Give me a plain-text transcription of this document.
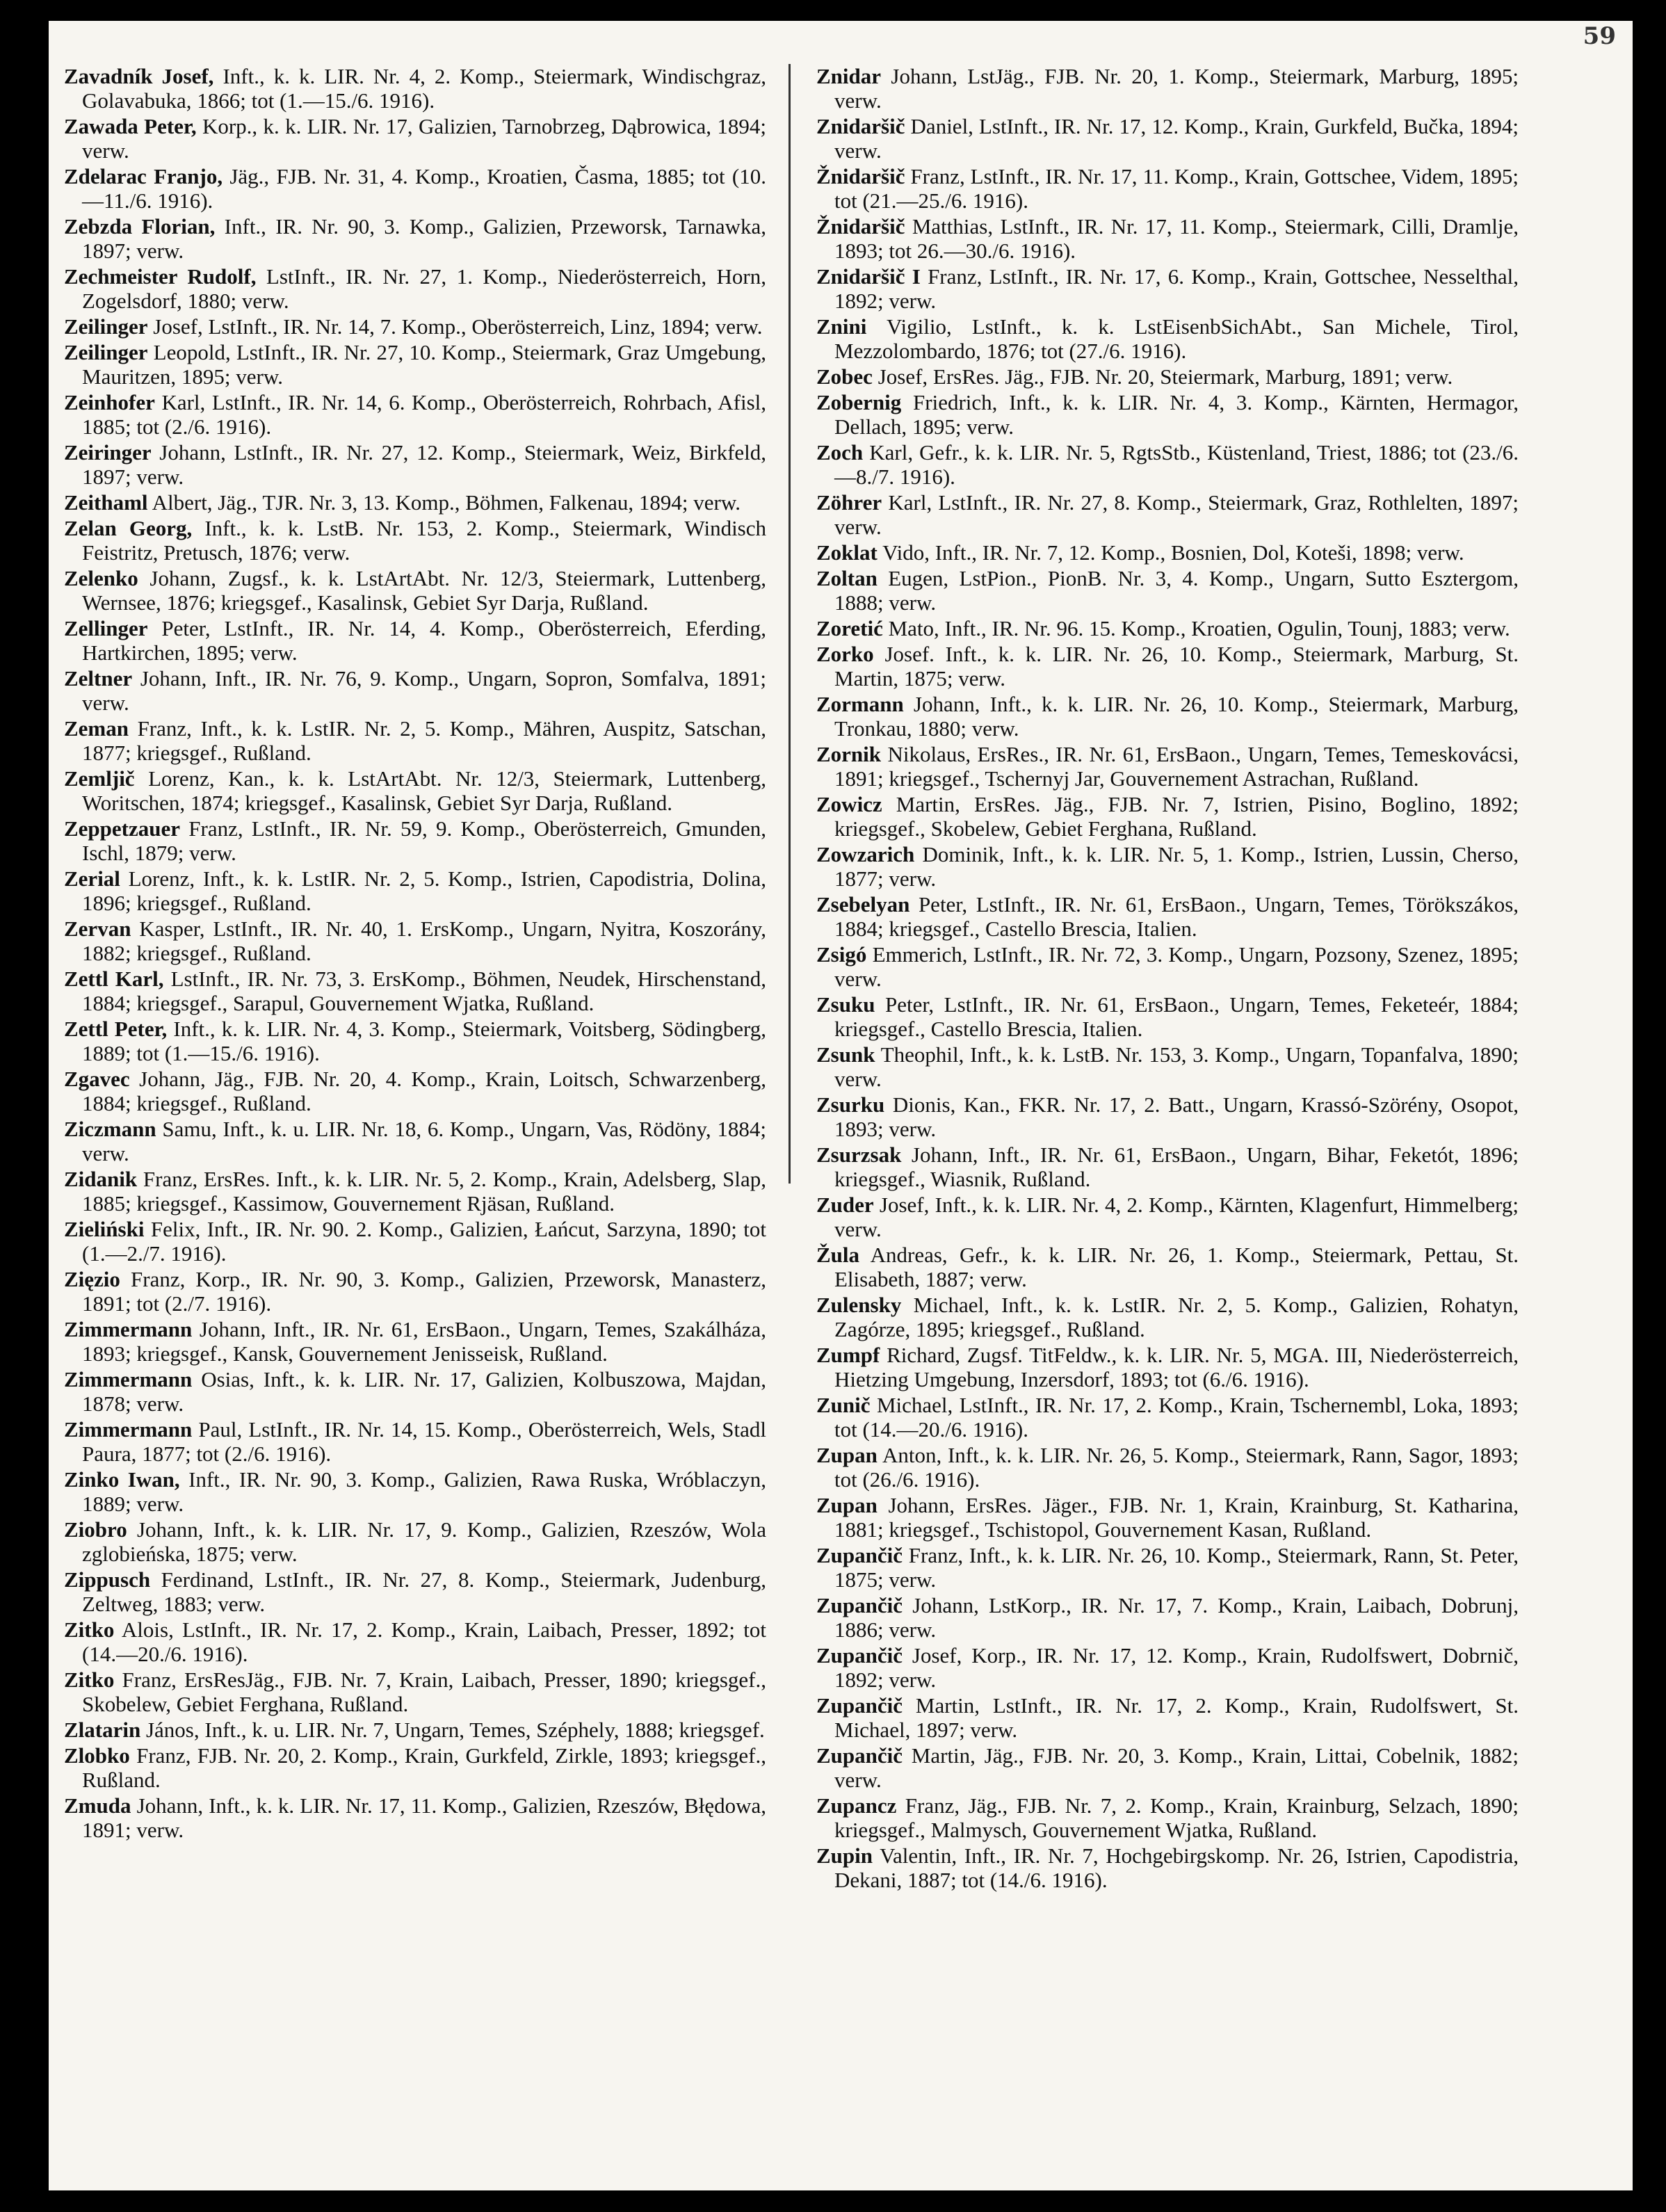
59

Zavadník Josef, Inft., k. k. LIR. Nr. 4, 2. Komp., Steiermark, Windischgraz, Golavabuka, 1866; tot (1.—15./6. 1916).

Zawada Peter, Korp., k. k. LIR. Nr. 17, Galizien, Tarnobrzeg, Dąbrowica, 1894; verw.

Zdelarac Franjo, Jäg., FJB. Nr. 31, 4. Komp., Kroatien, Časma, 1885; tot (10.—11./6. 1916).

Zebzda Florian, Inft., IR. Nr. 90, 3. Komp., Galizien, Przeworsk, Tarnawka, 1897; verw.

Zechmeister Rudolf, LstInft., IR. Nr. 27, 1. Komp., Niederösterreich, Horn, Zogelsdorf, 1880; verw.

Zeilinger Josef, LstInft., IR. Nr. 14, 7. Komp., Oberösterreich, Linz, 1894; verw.

Zeilinger Leopold, LstInft., IR. Nr. 27, 10. Komp., Steiermark, Graz Umgebung, Mauritzen, 1895; verw.

Zeinhofer Karl, LstInft., IR. Nr. 14, 6. Komp., Oberösterreich, Rohrbach, Afisl, 1885; tot (2./6. 1916).

Zeiringer Johann, LstInft., IR. Nr. 27, 12. Komp., Steiermark, Weiz, Birkfeld, 1897; verw.

Zeithaml Albert, Jäg., TJR. Nr. 3, 13. Komp., Böhmen, Falkenau, 1894; verw.

Zelan Georg, Inft., k. k. LstB. Nr. 153, 2. Komp., Steiermark, Windisch Feistritz, Pretusch, 1876; verw.

Zelenko Johann, Zugsf., k. k. LstArtAbt. Nr. 12/3, Steiermark, Luttenberg, Wernsee, 1876; kriegsgef., Kasalinsk, Gebiet Syr Darja, Rußland.

Zellinger Peter, LstInft., IR. Nr. 14, 4. Komp., Oberösterreich, Eferding, Hartkirchen, 1895; verw.

Zeltner Johann, Inft., IR. Nr. 76, 9. Komp., Ungarn, Sopron, Somfalva, 1891; verw.

Zeman Franz, Inft., k. k. LstIR. Nr. 2, 5. Komp., Mähren, Auspitz, Satschan, 1877; kriegsgef., Rußland.

Zemljič Lorenz, Kan., k. k. LstArtAbt. Nr. 12/3, Steiermark, Luttenberg, Woritschen, 1874; kriegsgef., Kasalinsk, Gebiet Syr Darja, Rußland.

Zeppetzauer Franz, LstInft., IR. Nr. 59, 9. Komp., Oberösterreich, Gmunden, Ischl, 1879; verw.

Zerial Lorenz, Inft., k. k. LstIR. Nr. 2, 5. Komp., Istrien, Capodistria, Dolina, 1896; kriegsgef., Rußland.

Zervan Kasper, LstInft., IR. Nr. 40, 1. ErsKomp., Ungarn, Nyitra, Koszorány, 1882; kriegsgef., Rußland.

Zettl Karl, LstInft., IR. Nr. 73, 3. ErsKomp., Böhmen, Neudek, Hirschenstand, 1884; kriegsgef., Sarapul, Gouvernement Wjatka, Rußland.

Zettl Peter, Inft., k. k. LIR. Nr. 4, 3. Komp., Steiermark, Voitsberg, Södingberg, 1889; tot (1.—15./6. 1916).

Zgavec Johann, Jäg., FJB. Nr. 20, 4. Komp., Krain, Loitsch, Schwarzenberg, 1884; kriegsgef., Rußland.

Ziczmann Samu, Inft., k. u. LIR. Nr. 18, 6. Komp., Ungarn, Vas, Rödöny, 1884; verw.

Zidanik Franz, ErsRes. Inft., k. k. LIR. Nr. 5, 2. Komp., Krain, Adelsberg, Slap, 1885; kriegsgef., Kassimow, Gouvernement Rjäsan, Rußland.

Zieliński Felix, Inft., IR. Nr. 90. 2. Komp., Galizien, Łańcut, Sarzyna, 1890; tot (1.—2./7. 1916).

Zięzio Franz, Korp., IR. Nr. 90, 3. Komp., Galizien, Przeworsk, Manasterz, 1891; tot (2./7. 1916).

Zimmermann Johann, Inft., IR. Nr. 61, ErsBaon., Ungarn, Temes, Szakálháza, 1893; kriegsgef., Kansk, Gouvernement Jenisseisk, Rußland.

Zimmermann Osias, Inft., k. k. LIR. Nr. 17, Galizien, Kolbuszowa, Majdan, 1878; verw.

Zimmermann Paul, LstInft., IR. Nr. 14, 15. Komp., Oberösterreich, Wels, Stadl Paura, 1877; tot (2./6. 1916).

Zinko Iwan, Inft., IR. Nr. 90, 3. Komp., Galizien, Rawa Ruska, Wróblaczyn, 1889; verw.

Ziobro Johann, Inft., k. k. LIR. Nr. 17, 9. Komp., Galizien, Rzeszów, Wola zglobieńska, 1875; verw.

Zippusch Ferdinand, LstInft., IR. Nr. 27, 8. Komp., Steiermark, Judenburg, Zeltweg, 1883; verw.

Zitko Alois, LstInft., IR. Nr. 17, 2. Komp., Krain, Laibach, Presser, 1892; tot (14.—20./6. 1916).

Zitko Franz, ErsResJäg., FJB. Nr. 7, Krain, Laibach, Presser, 1890; kriegsgef., Skobelew, Gebiet Ferghana, Rußland.

Zlatarin János, Inft., k. u. LIR. Nr. 7, Ungarn, Temes, Széphely, 1888; kriegsgef.

Zlobko Franz, FJB. Nr. 20, 2. Komp., Krain, Gurkfeld, Zirkle, 1893; kriegsgef., Rußland.

Zmuda Johann, Inft., k. k. LIR. Nr. 17, 11. Komp., Galizien, Rzeszów, Błędowa, 1891; verw.

Znidar Johann, LstJäg., FJB. Nr. 20, 1. Komp., Steiermark, Marburg, 1895; verw.

Znidaršič Daniel, LstInft., IR. Nr. 17, 12. Komp., Krain, Gurkfeld, Bučka, 1894; verw.

Žnidaršič Franz, LstInft., IR. Nr. 17, 11. Komp., Krain, Gottschee, Videm, 1895; tot (21.—25./6. 1916).

Žnidaršič Matthias, LstInft., IR. Nr. 17, 11. Komp., Steiermark, Cilli, Dramlje, 1893; tot 26.—30./6. 1916).

Znidaršič I Franz, LstInft., IR. Nr. 17, 6. Komp., Krain, Gottschee, Nesselthal, 1892; verw.

Znini Vigilio, LstInft., k. k. LstEisenbSichAbt., San Michele, Tirol, Mezzolombardo, 1876; tot (27./6. 1916).

Zobec Josef, ErsRes. Jäg., FJB. Nr. 20, Steiermark, Marburg, 1891; verw.

Zobernig Friedrich, Inft., k. k. LIR. Nr. 4, 3. Komp., Kärnten, Hermagor, Dellach, 1895; verw.

Zoch Karl, Gefr., k. k. LIR. Nr. 5, RgtsStb., Küstenland, Triest, 1886; tot (23./6.—8./7. 1916).

Zöhrer Karl, LstInft., IR. Nr. 27, 8. Komp., Steiermark, Graz, Rothlelten, 1897; verw.

Zoklat Vido, Inft., IR. Nr. 7, 12. Komp., Bosnien, Dol, Koteši, 1898; verw.

Zoltan Eugen, LstPion., PionB. Nr. 3, 4. Komp., Ungarn, Sutto Esztergom, 1888; verw.

Zoretić Mato, Inft., IR. Nr. 96. 15. Komp., Kroatien, Ogulin, Tounj, 1883; verw.

Zorko Josef. Inft., k. k. LIR. Nr. 26, 10. Komp., Steiermark, Marburg, St. Martin, 1875; verw.

Zormann Johann, Inft., k. k. LIR. Nr. 26, 10. Komp., Steiermark, Marburg, Tronkau, 1880; verw.

Zornik Nikolaus, ErsRes., IR. Nr. 61, ErsBaon., Ungarn, Temes, Temeskovácsi, 1891; kriegsgef., Tschernyj Jar, Gouvernement Astrachan, Rußland.

Zowicz Martin, ErsRes. Jäg., FJB. Nr. 7, Istrien, Pisino, Boglino, 1892; kriegsgef., Skobelew, Gebiet Ferghana, Rußland.

Zowzarich Dominik, Inft., k. k. LIR. Nr. 5, 1. Komp., Istrien, Lussin, Cherso, 1877; verw.

Zsebelyan Peter, LstInft., IR. Nr. 61, ErsBaon., Ungarn, Temes, Törökszákos, 1884; kriegsgef., Castello Brescia, Italien.

Zsigó Emmerich, LstInft., IR. Nr. 72, 3. Komp., Ungarn, Pozsony, Szenez, 1895; verw.

Zsuku Peter, LstInft., IR. Nr. 61, ErsBaon., Ungarn, Temes, Feketeér, 1884; kriegsgef., Castello Brescia, Italien.

Zsunk Theophil, Inft., k. k. LstB. Nr. 153, 3. Komp., Ungarn, Topanfalva, 1890; verw.

Zsurku Dionis, Kan., FKR. Nr. 17, 2. Batt., Ungarn, Krassó-Szörény, Osopot, 1893; verw.

Zsurzsak Johann, Inft., IR. Nr. 61, ErsBaon., Ungarn, Bihar, Feketót, 1896; kriegsgef., Wiasnik, Rußland.

Zuder Josef, Inft., k. k. LIR. Nr. 4, 2. Komp., Kärnten, Klagenfurt, Himmelberg; verw.

Žula Andreas, Gefr., k. k. LIR. Nr. 26, 1. Komp., Steiermark, Pettau, St. Elisabeth, 1887; verw.

Zulensky Michael, Inft., k. k. LstIR. Nr. 2, 5. Komp., Galizien, Rohatyn, Zagórze, 1895; kriegsgef., Rußland.

Zumpf Richard, Zugsf. TitFeldw., k. k. LIR. Nr. 5, MGA. III, Niederösterreich, Hietzing Umgebung, Inzersdorf, 1893; tot (6./6. 1916).

Zunič Michael, LstInft., IR. Nr. 17, 2. Komp., Krain, Tschernembl, Loka, 1893; tot (14.—20./6. 1916).

Zupan Anton, Inft., k. k. LIR. Nr. 26, 5. Komp., Steiermark, Rann, Sagor, 1893; tot (26./6. 1916).

Zupan Johann, ErsRes. Jäger., FJB. Nr. 1, Krain, Krainburg, St. Katharina, 1881; kriegsgef., Tschistopol, Gouvernement Kasan, Rußland.

Zupančič Franz, Inft., k. k. LIR. Nr. 26, 10. Komp., Steiermark, Rann, St. Peter, 1875; verw.

Zupančič Johann, LstKorp., IR. Nr. 17, 7. Komp., Krain, Laibach, Dobrunj, 1886; verw.

Zupančič Josef, Korp., IR. Nr. 17, 12. Komp., Krain, Rudolfswert, Dobrnič, 1892; verw.

Zupančič Martin, LstInft., IR. Nr. 17, 2. Komp., Krain, Rudolfswert, St. Michael, 1897; verw.

Zupančič Martin, Jäg., FJB. Nr. 20, 3. Komp., Krain, Littai, Cobelnik, 1882; verw.

Zupancz Franz, Jäg., FJB. Nr. 7, 2. Komp., Krain, Krainburg, Selzach, 1890; kriegsgef., Malmysch, Gouvernement Wjatka, Rußland.

Zupin Valentin, Inft., IR. Nr. 7, Hochgebirgskomp. Nr. 26, Istrien, Capodistria, Dekani, 1887; tot (14./6. 1916).
